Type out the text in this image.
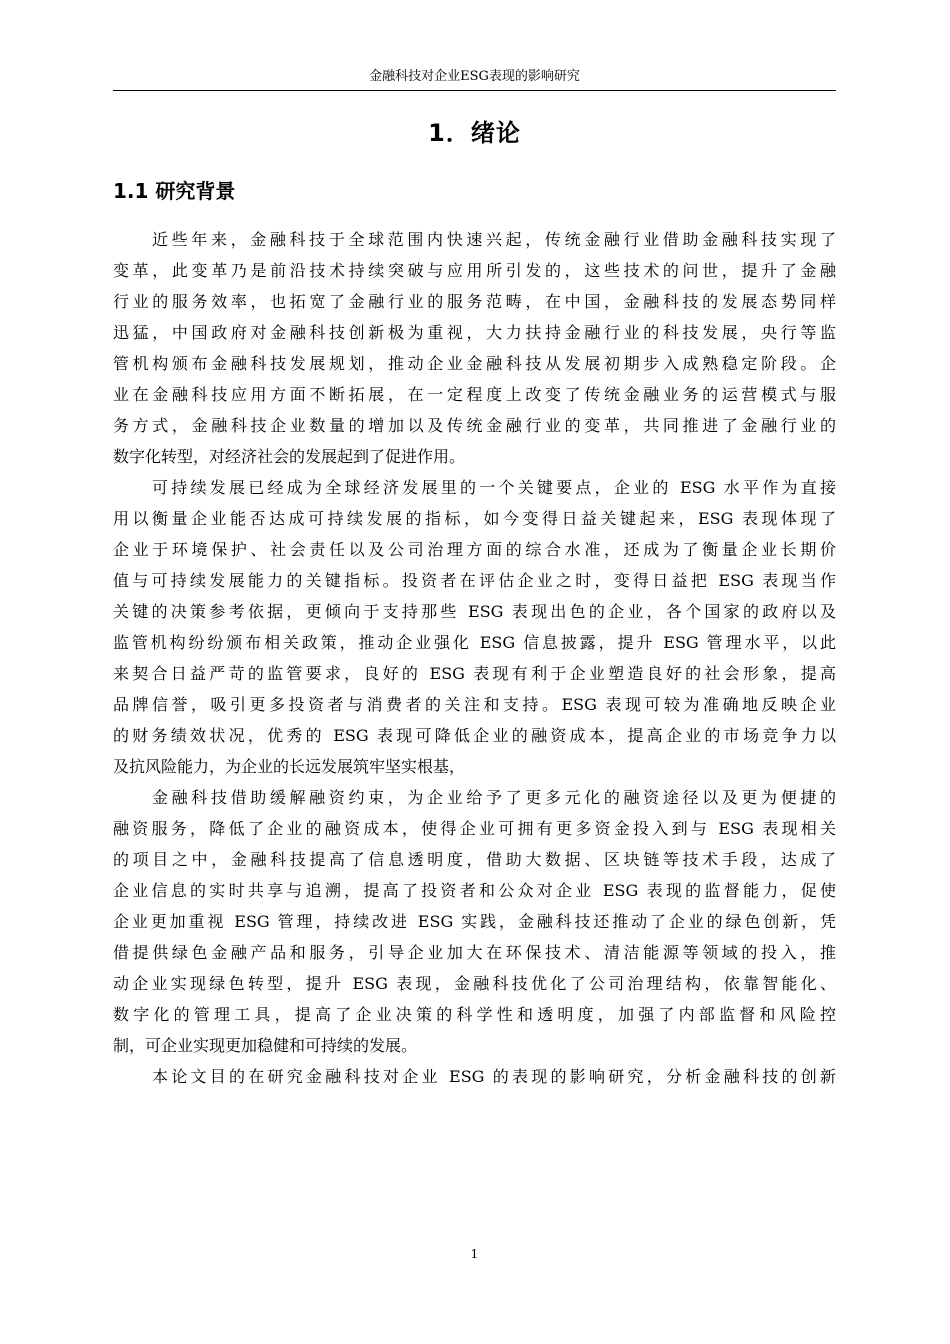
金融科技对企业ESG表现的影响研究
1．绪论
1.1 研究背景
近些年来，金融科技于全球范围内快速兴起，传统金融行业借助金融科技实现了
变革，此变革乃是前沿技术持续突破与应用所引发的，这些技术的问世，提升了金融
行业的服务效率，也拓宽了金融行业的服务范畴，在中国，金融科技的发展态势同样
迅猛，中国政府对金融科技创新极为重视，大力扶持金融行业的科技发展，央行等监
管机构颁布金融科技发展规划，推动企业金融科技从发展初期步入成熟稳定阶段。企
业在金融科技应用方面不断拓展，在一定程度上改变了传统金融业务的运营模式与服
务方式，金融科技企业数量的增加以及传统金融行业的变革，共同推进了金融行业的
数字化转型，对经济社会的发展起到了促进作用。
可持续发展已经成为全球经济发展里的一个关键要点，企业的 ESG 水平作为直接
用以衡量企业能否达成可持续发展的指标，如今变得日益关键起来，ESG 表现体现了
企业于环境保护、社会责任以及公司治理方面的综合水准，还成为了衡量企业长期价
值与可持续发展能力的关键指标。投资者在评估企业之时，变得日益把 ESG 表现当作
关键的决策参考依据，更倾向于支持那些 ESG 表现出色的企业，各个国家的政府以及
监管机构纷纷颁布相关政策，推动企业强化 ESG 信息披露，提升 ESG 管理水平，以此
来契合日益严苛的监管要求，良好的 ESG 表现有利于企业塑造良好的社会形象，提高
品牌信誉，吸引更多投资者与消费者的关注和支持。ESG 表现可较为准确地反映企业
的财务绩效状况，优秀的 ESG 表现可降低企业的融资成本，提高企业的市场竞争力以
及抗风险能力，为企业的长远发展筑牢坚实根基，
金融科技借助缓解融资约束，为企业给予了更多元化的融资途径以及更为便捷的
融资服务，降低了企业的融资成本，使得企业可拥有更多资金投入到与 ESG 表现相关
的项目之中，金融科技提高了信息透明度，借助大数据、区块链等技术手段，达成了
企业信息的实时共享与追溯，提高了投资者和公众对企业 ESG 表现的监督能力，促使
企业更加重视 ESG 管理，持续改进 ESG 实践，金融科技还推动了企业的绿色创新，凭
借提供绿色金融产品和服务，引导企业加大在环保技术、清洁能源等领域的投入，推
动企业实现绿色转型，提升 ESG 表现，金融科技优化了公司治理结构，依靠智能化、
数字化的管理工具，提高了企业决策的科学性和透明度，加强了内部监督和风险控
制，可企业实现更加稳健和可持续的发展。
本论文目的在研究金融科技对企业 ESG 的表现的影响研究，分析金融科技的创新
1
